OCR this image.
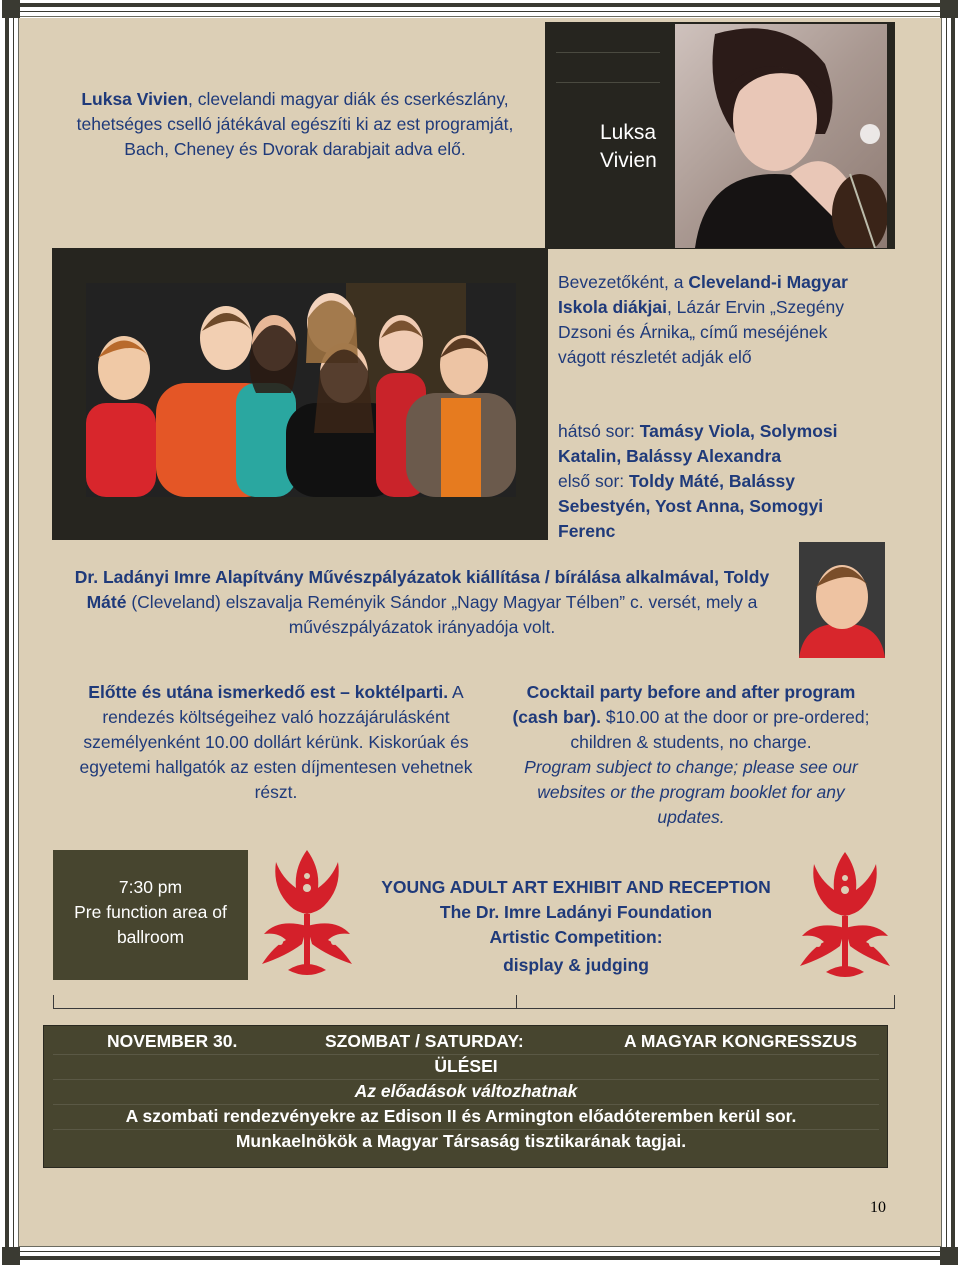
Luksa Vivien, clevelandi magyar diák és cserkészlány, tehetséges cselló játékával egészíti ki az est programját, Bach, Cheney és Dvorak darabjait adva elő.
Luksa
Vivien
Bevezetőként, a Cleveland-i Magyar Iskola diákjai, Lázár Ervin „Szegény Dzsoni és Árnika„ című meséjének vágott részletét adják elő
hátsó sor: Tamásy Viola, Solymosi Katalin, Balássy Alexandra
első sor: Toldy Máté, Balássy Sebestyén, Yost Anna, Somogyi Ferenc
Dr. Ladányi Imre Alapítvány Művészpályázatok kiállítása / bírálása alkalmával, Toldy Máté (Cleveland) elszavalja Reményik Sándor „Nagy Magyar Télben” c. versét, mely a művészpályázatok irányadója volt.
Előtte és utána ismerkedő est – koktélparti. A rendezés költségeihez való hozzájárulásként személyenként 10.00 dollárt kérünk. Kiskorúak és egyetemi hallgatók az esten díjmentesen vehetnek részt.
Cocktail party before and after program (cash bar). $10.00 at the door or pre-ordered; children & students, no charge.
Program subject to change; please see our websites or the program booklet for any updates.
7:30 pm
Pre function area of ballroom
YOUNG ADULT ART EXHIBIT AND RECEPTION
The Dr. Imre Ladányi Foundation
Artistic Competition:
display & judging
NOVEMBER 30.	SZOMBAT / SATURDAY:	A MAGYAR KONGRESSZUS
ÜLÉSEI
Az előadások változhatnak
A szombati rendezvényekre az Edison II és Armington előadóteremben kerül sor.
Munkaelnökök a Magyar Társaság tisztikarának tagjai.
10
